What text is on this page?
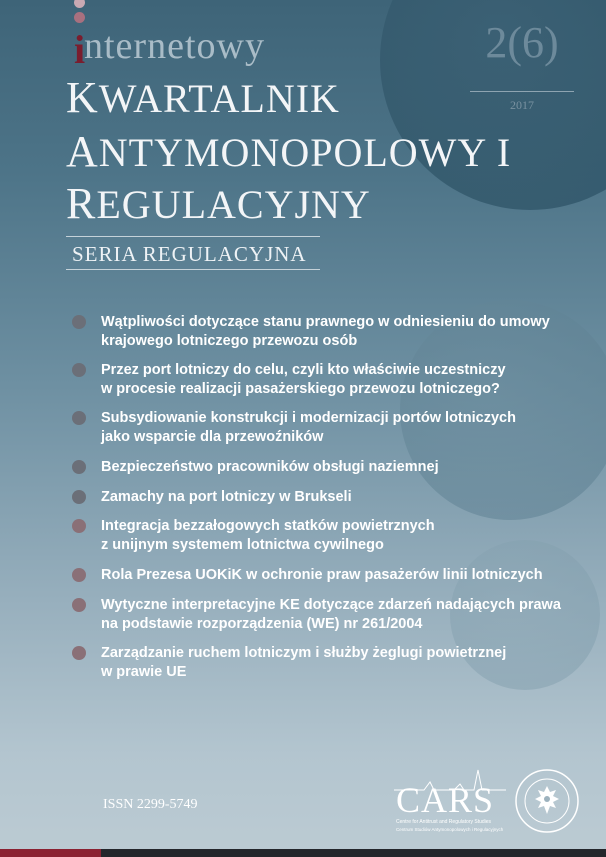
i
nternetowy
KWARTALNIK
ANTYMONOPOLOWY I
REGULACYJNY
2(6)
2017
SERIA REGULACYJNA
Wątpliwości dotyczące stanu prawnego w odniesieniu do umowy
krajowego lotniczego przewozu osób
Przez port lotniczy do celu, czyli kto właściwie uczestniczy
w procesie realizacji pasażerskiego przewozu lotniczego?
Subsydiowanie konstrukcji i modernizacji portów lotniczych
jako wsparcie dla przewoźników
Bezpieczeństwo pracowników obsługi naziemnej
Zamachy na port lotniczy w Brukseli
Integracja bezzałogowych statków powietrznych
z unijnym systemem lotnictwa cywilnego
Rola Prezesa UOKiK w ochronie praw pasażerów linii lotniczych
Wytyczne interpretacyjne KE dotyczące zdarzeń nadających prawa
na podstawie rozporządzenia (WE) nr 261/2004
Zarządzanie ruchem lotniczym i służby żeglugi powietrznej
w prawie UE
ISSN 2299-5749	CARS
Centre for Antitrust and Regulatory Studies
Centrum Studiów Antymonopolowych i Regulacyjnych
